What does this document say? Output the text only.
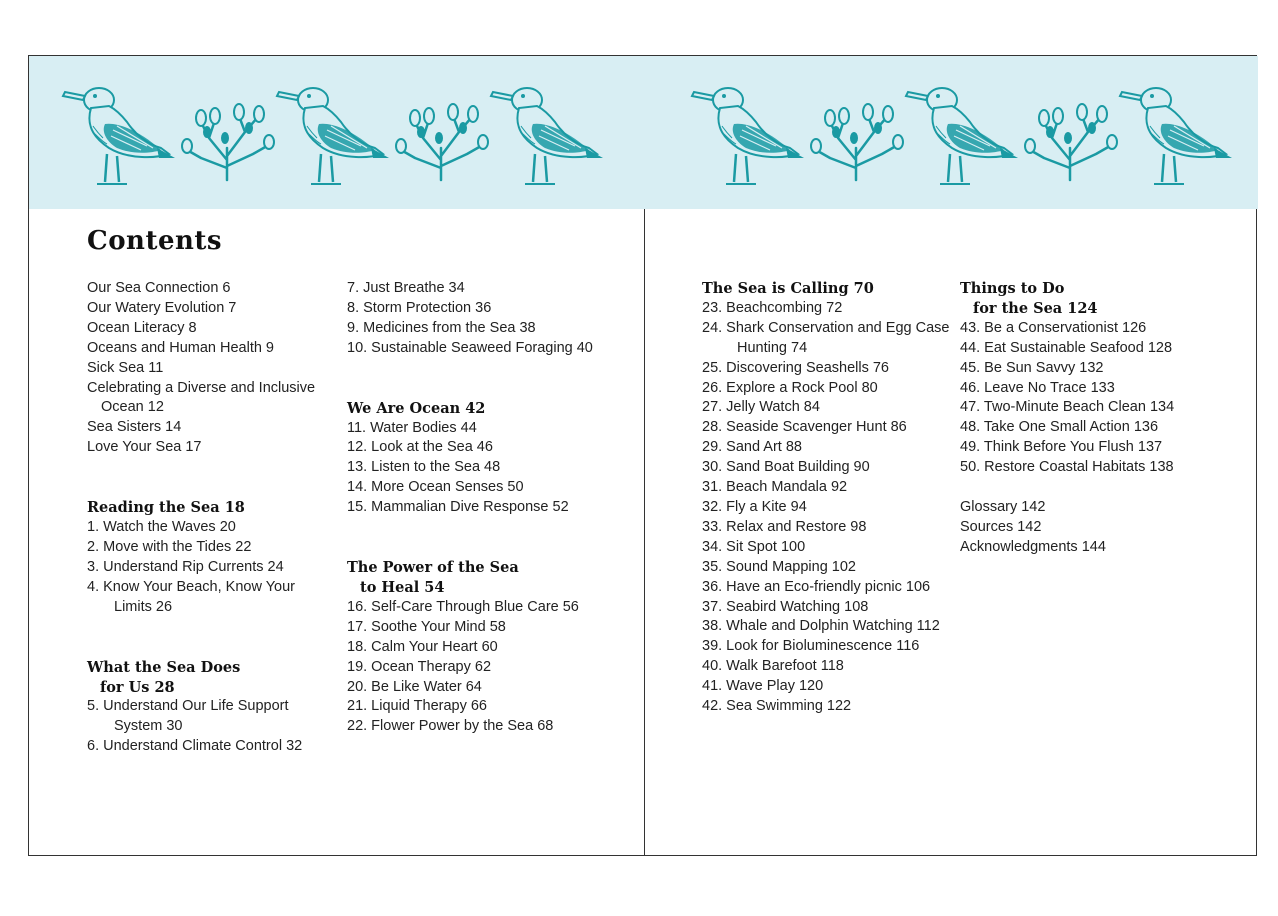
Contents
Our Sea Connection 6
Our Watery Evolution 7
Ocean Literacy 8
Oceans and Human Health 9
Sick Sea 11
Celebrating a Diverse and Inclusive
Ocean 12
Sea Sisters 14
Love Your Sea 17
Reading the Sea 18
1. Watch the Waves 20
2. Move with the Tides 22
3. Understand Rip Currents 24
4. Know Your Beach, Know Your
Limits 26
What the Sea Does
for Us 28
5. Understand Our Life Support
System 30
6. Understand Climate Control 32
7. Just Breathe 34
8. Storm Protection 36
9. Medicines from the Sea 38
10. Sustainable Seaweed Foraging 40
We Are Ocean 42
11. Water Bodies 44
12. Look at the Sea 46
13. Listen to the Sea 48
14. More Ocean Senses 50
15. Mammalian Dive Response 52
The Power of the Sea
to Heal 54
16. Self-Care Through Blue Care 56
17. Soothe Your Mind 58
18. Calm Your Heart 60
19. Ocean Therapy 62
20. Be Like Water 64
21. Liquid Therapy 66
22. Flower Power by the Sea 68
The Sea is Calling 70
23. Beachcombing 72
24. Shark Conservation and Egg Case
Hunting 74
25. Discovering Seashells 76
26. Explore a Rock Pool 80
27. Jelly Watch 84
28. Seaside Scavenger Hunt 86
29. Sand Art 88
30. Sand Boat Building 90
31. Beach Mandala 92
32. Fly a Kite 94
33. Relax and Restore 98
34. Sit Spot 100
35. Sound Mapping 102
36. Have an Eco-friendly picnic 106
37. Seabird Watching 108
38. Whale and Dolphin Watching 112
39. Look for Bioluminescence 116
40. Walk Barefoot 118
41. Wave Play 120
42. Sea Swimming 122
Things to Do
for the Sea 124
43. Be a Conservationist 126
44. Eat Sustainable Seafood 128
45. Be Sun Savvy 132
46. Leave No Trace 133
47. Two-Minute Beach Clean 134
48. Take One Small Action 136
49. Think Before You Flush 137
50. Restore Coastal Habitats 138
Glossary 142
Sources 142
Acknowledgments 144
